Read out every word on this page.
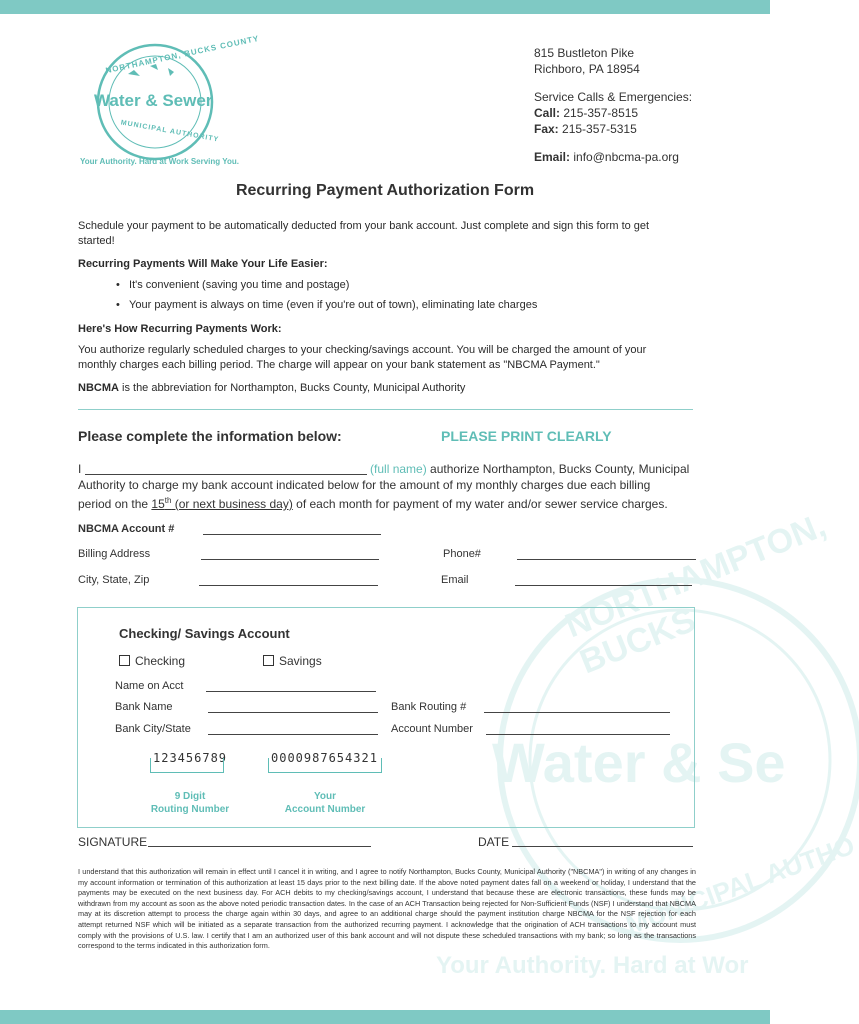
NORTHAMPTON, BUCKS
Water & Se
MUNICIPAL AUTHO
Your Authority. Hard at Wor
NORTHAMPTON, BUCKS COUNTY
Water & Sewer
MUNICIPAL AUTHORITY
Your Authority. Hard at Work Serving You.
815 Bustleton Pike
Richboro, PA 18954
Service Calls & Emergencies:
Call: 215-357-8515
Fax: 215-357-5315
Email: info@nbcma-pa.org
Recurring Payment Authorization Form
Schedule your payment to be automatically deducted from your bank account. Just complete and sign this form to get started!
Recurring Payments Will Make Your Life Easier:
•   It's convenient (saving you time and postage)
•   Your payment is always on time (even if you're out of town), eliminating late charges
Here's How Recurring Payments Work:
You authorize regularly scheduled charges to your checking/savings account. You will be charged the amount of your monthly charges each billing period. The charge will appear on your bank statement as "NBCMA Payment."
NBCMA is the abbreviation for Northampton, Bucks County, Municipal Authority
Please complete the information below:	PLEASE PRINT CLEARLY
I	(full name) authorize Northampton, Bucks County, Municipal
Authority to charge my bank account indicated below for the amount of my monthly charges due each billing
period on the 15th (or next business day) of each month for payment of my water and/or sewer service charges.
NBCMA Account #
Billing Address	Phone#
City, State, Zip	Email
Checking/ Savings Account
Checking	Savings
Name on Acct
Bank Name	Bank Routing #
Bank City/State	Account Number
123456789	0000987654321
9 Digit
Routing Number
Your
Account Number
SIGNATURE	DATE
I understand that this authorization will remain in effect until I cancel it in writing, and I agree to notify Northampton, Bucks County, Municipal Authority ("NBCMA") in writing of any changes in my account information or termination of this authorization at least 15 days prior to the next billing date. If the above noted payment dates fall on a weekend or holiday, I understand that the payments may be executed on the next business day. For ACH debits to my checking/savings account, I understand that because these are electronic transactions, these funds may be withdrawn from my account as soon as the above noted periodic transaction dates. In the case of an ACH Transaction being rejected for Non-Sufficient Funds (NSF) I understand that NBCMA may at its discretion attempt to process the charge again within 30 days, and agree to an additional charge should the payment institution charge NBCMA for the NSF rejection for each attempt returned NSF which will be initiated as a separate transaction from the authorized recurring payment. I acknowledge that the origination of ACH transactions to my account must comply with the provisions of U.S. law. I certify that I am an authorized user of this bank account and will not dispute these scheduled transactions with my bank; so long as the transactions correspond to the terms indicated in this authorization form.
